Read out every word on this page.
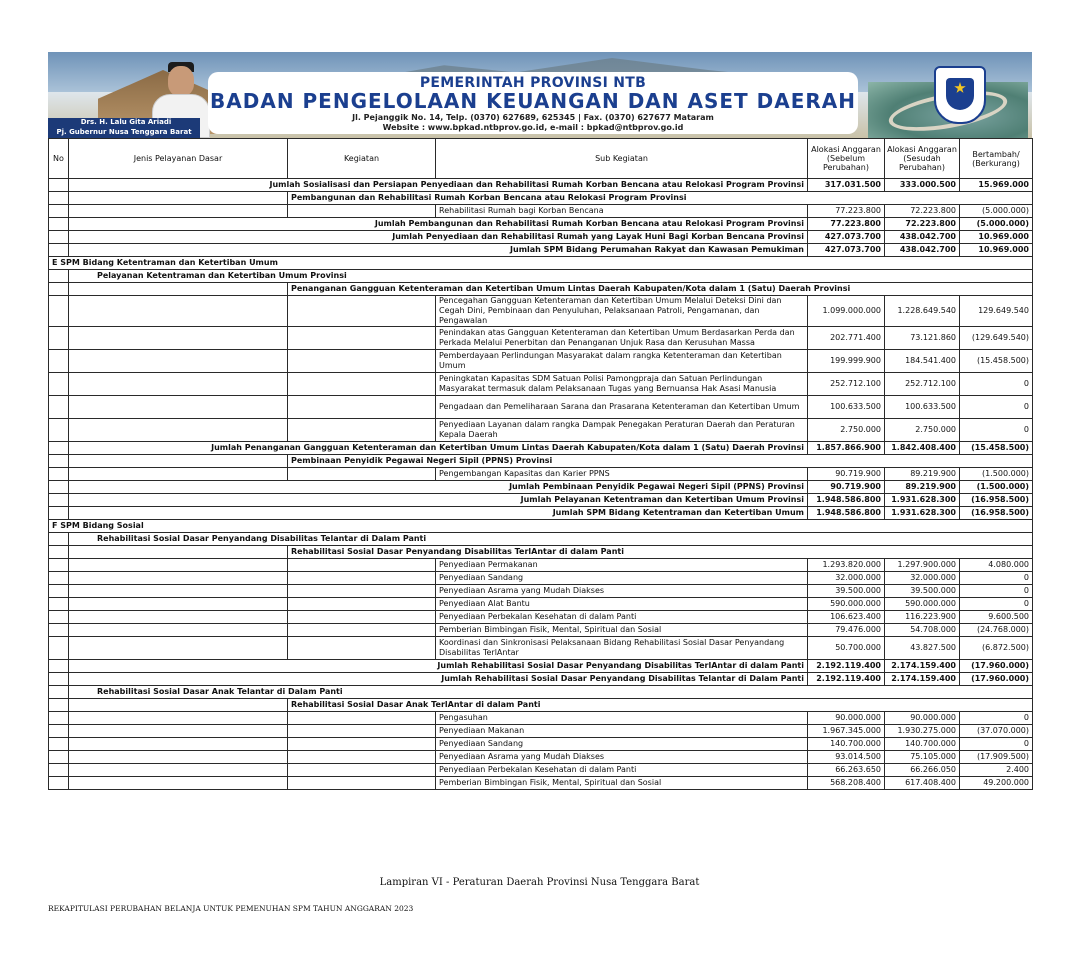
Drs. H. Lalu Gita Ariadi
Pj. Gubernur Nusa Tenggara Barat
PEMERINTAH PROVINSI NTB
BADAN PENGELOLAAN KEUANGAN DAN ASET DAERAH
Jl. Pejanggik No. 14, Telp. (0370) 627689, 625345 | Fax. (0370) 627677 Mataram
Website : www.bpkad.ntbprov.go.id, e-mail : bpkad@ntbprov.go.id
No	Jenis Pelayanan Dasar	Kegiatan	Sub Kegiatan	Alokasi Anggaran (Sebelum Perubahan)	Alokasi Anggaran (Sesudah Perubahan)	Bertambah/ (Berkurang)
	Jumlah Sosialisasi dan Persiapan Penyediaan dan Rehabilitasi Rumah Korban Bencana atau Relokasi Program Provinsi			317.031.500	333.000.500	15.969.000
		Pembangunan dan Rehabilitasi Rumah Korban Bencana atau Relokasi Program Provinsi				
			Rehabilitasi Rumah bagi Korban Bencana	77.223.800	72.223.800	(5.000.000)
	Jumlah Pembangunan dan Rehabilitasi Rumah Korban Bencana atau Relokasi Program Provinsi			77.223.800	72.223.800	(5.000.000)
	Jumlah Penyediaan dan Rehabilitasi Rumah yang Layak Huni Bagi Korban Bencana Provinsi			427.073.700	438.042.700	10.969.000
	Jumlah SPM Bidang Perumahan Rakyat dan Kawasan Pemukiman			427.073.700	438.042.700	10.969.000
E SPM Bidang Ketentraman dan Ketertiban Umum						
	Pelayanan Ketentraman dan Ketertiban Umum Provinsi					
		Penanganan Gangguan Ketenteraman dan Ketertiban Umum Lintas Daerah Kabupaten/Kota dalam 1 (Satu) Daerah Provinsi				
			Pencegahan Gangguan Ketenteraman dan Ketertiban Umum Melalui Deteksi Dini dan Cegah Dini, Pembinaan dan Penyuluhan, Pelaksanaan Patroli, Pengamanan, dan Pengawalan	1.099.000.000	1.228.649.540	129.649.540
			Penindakan atas Gangguan Ketenteraman dan Ketertiban Umum Berdasarkan Perda dan Perkada Melalui Penerbitan dan Penanganan Unjuk Rasa dan Kerusuhan Massa	202.771.400	73.121.860	(129.649.540)
			Pemberdayaan Perlindungan Masyarakat dalam rangka Ketenteraman dan Ketertiban Umum	199.999.900	184.541.400	(15.458.500)
			Peningkatan Kapasitas SDM Satuan Polisi Pamongpraja dan Satuan Perlindungan Masyarakat termasuk dalam Pelaksanaan Tugas yang Bernuansa Hak Asasi Manusia	252.712.100	252.712.100	0
			Pengadaan dan Pemeliharaan Sarana dan Prasarana Ketenteraman dan Ketertiban Umum	100.633.500	100.633.500	0
			Penyediaan Layanan dalam rangka Dampak Penegakan Peraturan Daerah dan Peraturan Kepala Daerah	2.750.000	2.750.000	0
	Jumlah Penanganan Gangguan Ketenteraman dan Ketertiban Umum Lintas Daerah Kabupaten/Kota dalam 1 (Satu) Daerah Provinsi			1.857.866.900	1.842.408.400	(15.458.500)
		Pembinaan Penyidik Pegawai Negeri Sipil (PPNS) Provinsi				
			Pengembangan Kapasitas dan Karier PPNS	90.719.900	89.219.900	(1.500.000)
	Jumlah Pembinaan Penyidik Pegawai Negeri Sipil (PPNS) Provinsi			90.719.900	89.219.900	(1.500.000)
	Jumlah Pelayanan Ketentraman dan Ketertiban Umum Provinsi			1.948.586.800	1.931.628.300	(16.958.500)
	Jumlah SPM Bidang Ketentraman dan Ketertiban Umum			1.948.586.800	1.931.628.300	(16.958.500)
F SPM Bidang Sosial						
	Rehabilitasi Sosial Dasar Penyandang Disabilitas Telantar di Dalam Panti					
		Rehabilitasi Sosial Dasar Penyandang Disabilitas TerlAntar di dalam Panti				
			Penyediaan Permakanan	1.293.820.000	1.297.900.000	4.080.000
			Penyediaan Sandang	32.000.000	32.000.000	0
			Penyediaan Asrama yang Mudah Diakses	39.500.000	39.500.000	0
			Penyediaan Alat Bantu	590.000.000	590.000.000	0
			Penyediaan Perbekalan Kesehatan di dalam Panti	106.623.400	116.223.900	9.600.500
			Pemberian Bimbingan Fisik, Mental, Spiritual dan Sosial	79.476.000	54.708.000	(24.768.000)
			Koordinasi dan Sinkronisasi Pelaksanaan Bidang Rehabilitasi Sosial Dasar Penyandang Disabilitas TerlAntar	50.700.000	43.827.500	(6.872.500)
	Jumlah Rehabilitasi Sosial Dasar Penyandang Disabilitas TerlAntar di dalam Panti			2.192.119.400	2.174.159.400	(17.960.000)
	Jumlah Rehabilitasi Sosial Dasar Penyandang Disabilitas Telantar di Dalam Panti			2.192.119.400	2.174.159.400	(17.960.000)
	Rehabilitasi Sosial Dasar Anak Telantar di Dalam Panti					
		Rehabilitasi Sosial Dasar Anak TerlAntar di dalam Panti				
			Pengasuhan	90.000.000	90.000.000	0
			Penyediaan Makanan	1.967.345.000	1.930.275.000	(37.070.000)
			Penyediaan Sandang	140.700.000	140.700.000	0
			Penyediaan Asrama yang Mudah Diakses	93.014.500	75.105.000	(17.909.500)
			Penyediaan Perbekalan Kesehatan di dalam Panti	66.263.650	66.266.050	2.400
			Pemberian Bimbingan Fisik, Mental, Spiritual dan Sosial	568.208.400	617.408.400	49.200.000
Lampiran VI - Peraturan Daerah Provinsi Nusa Tenggara Barat
REKAPITULASI PERUBAHAN BELANJA UNTUK PEMENUHAN SPM TAHUN ANGGARAN 2023
